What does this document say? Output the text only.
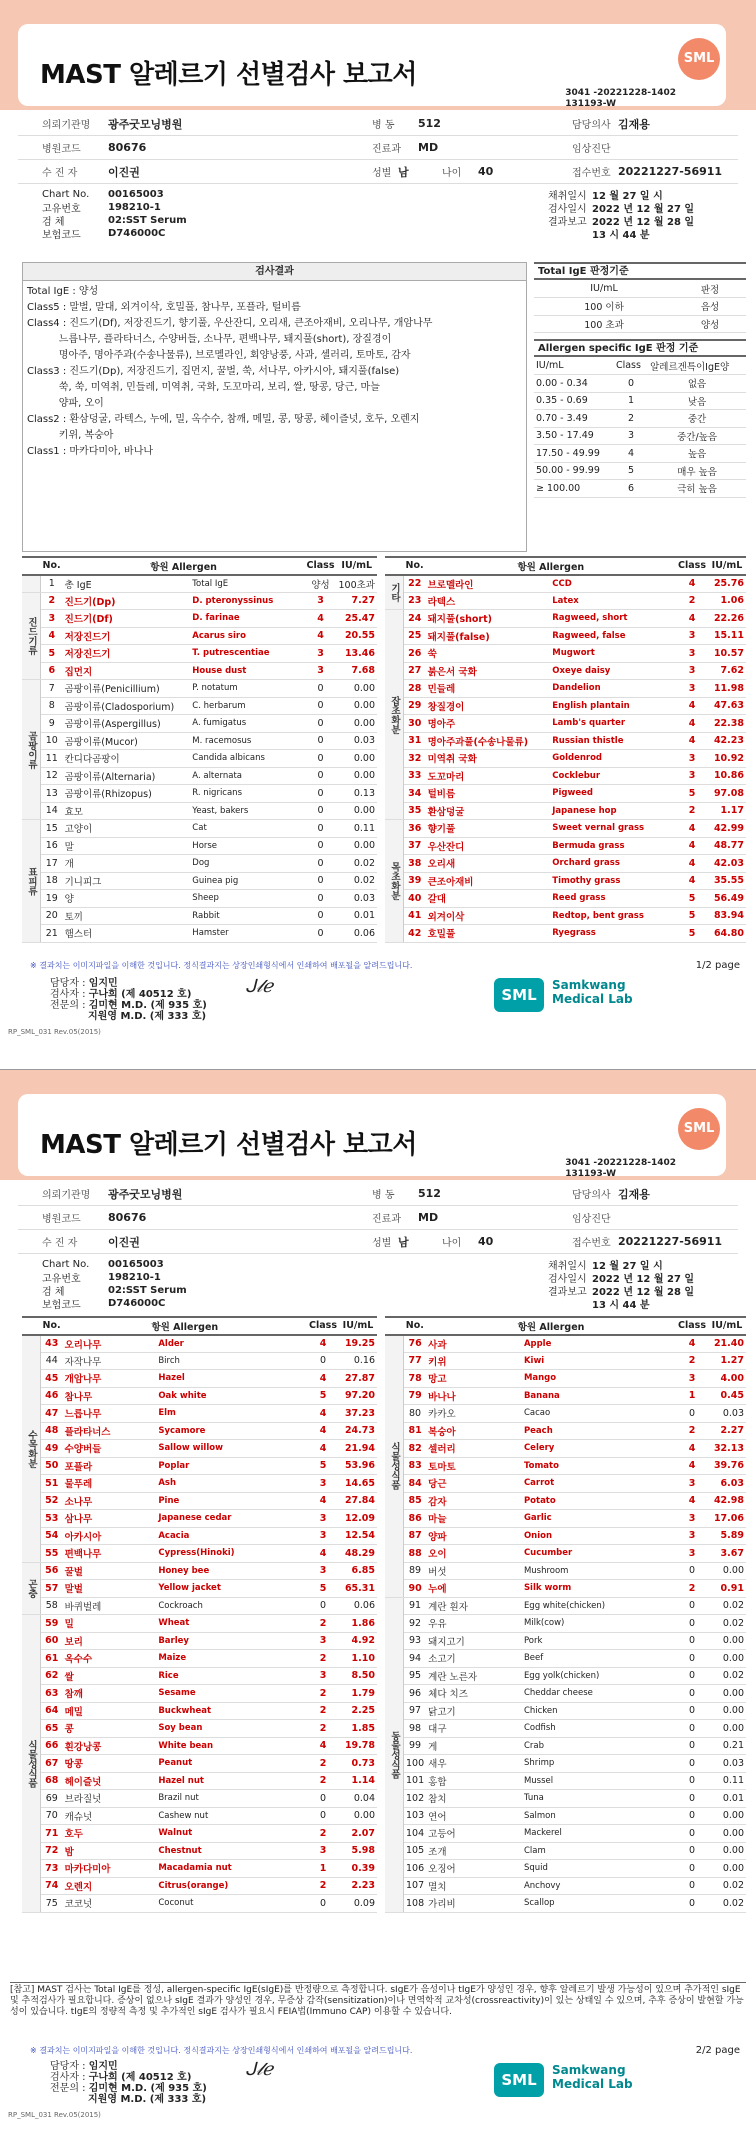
MAST 알레르기 선별검사 보고서
SML
3041 -20221228-1402
131193-W
의뢰기관명	광주굿모닝병원	병 동	512	담당의사 김재용
병원코드	80676	진료과	MD	임상진단
수 진 자	이진권	성별 남	나이	40	접수번호 20221227-56911
Chart No.	00165003	채취일시 12 월 27 일 시
고유번호	198210-1	검사일시 2022 년 12 월 27 일
검 체	02:SST Serum	결과보고 2022 년 12 월 28 일
보험코드	D746000C	13 시 44 분
검사결과
Total IgE : 양성
Class5 : 말벌, 말대, 외겨이삭, 호밀풀, 참나무, 포플라, 털비름
Class4 : 진드기(Df), 저장진드기, 향기풀, 우산잔디, 오리새, 큰조아재비, 오리나무, 개암나무
느릅나무, 플라타너스, 수양버들, 소나무, 편백나무, 돼지풀(short), 장질경이
명아주, 명아주과(수송나물류), 브로멜라인, 회양낭풍, 사과, 셀러리, 토마토, 감자
Class3 : 진드기(Dp), 저장진드기, 집먼지, 꿀벌, 쑥, 서나무, 아카시아, 돼지풀(false)
쑥, 쑥, 미역취, 민들레, 미역취, 국화, 도꼬마리, 보리, 쌀, 땅콩, 당근, 마늘
양파, 오이
Class2 : 환삼덩굴, 라텍스, 누에, 밀, 옥수수, 참깨, 메밀, 콩, 땅콩, 헤이즐넛, 호두, 오렌지
키위, 복숭아
Class1 : 마카다미아, 바나나
Total IgE 판정기준
IU/mL	판정
100 이하	음성
100 초과	양성
Allergen specific IgE 판정 기준
IU/mL	Class	알레르겐특이IgE양
0.00 - 0.34	0	없음
0.35 - 0.69	1	낮음
0.70 - 3.49	2	중간
3.50 - 17.49	3	중간/높음
17.50 - 49.99	4	높음
50.00 - 99.99	5	매우 높음
≥ 100.00	6	극히 높음
	No.	항원 Allergen		Class	IU/mL
	1	총 IgE	Total IgE	양성	100초과
진드기류	2	진드기(Dp)	D. pteronyssinus	3	7.27
	3	진드기(Df)	D. farinae	4	25.47
	4	저장진드기	Acarus siro	4	20.55
	5	저장진드기	T. putrescentiae	3	13.46
	6	집먼지	House dust	3	7.68
곰팡이류	7	곰팡이류(Penicillium)	P. notatum	0	0.00
	8	곰팡이류(Cladosporium)	C. herbarum	0	0.00
	9	곰팡이류(Aspergillus)	A. fumigatus	0	0.00
	10	곰팡이류(Mucor)	M. racemosus	0	0.03
	11	칸디다곰팡이	Candida albicans	0	0.00
	12	곰팡이류(Alternaria)	A. alternata	0	0.00
	13	곰팡이류(Rhizopus)	R. nigricans	0	0.13
	14	효모	Yeast, bakers	0	0.00
표피류	15	고양이	Cat	0	0.11
	16	말	Horse	0	0.00
	17	개	Dog	0	0.02
	18	기니피그	Guinea pig	0	0.02
	19	양	Sheep	0	0.03
	20	토끼	Rabbit	0	0.01
	21	햄스터	Hamster	0	0.06
	No.	항원 Allergen		Class	IU/mL
기타	22	브로멜라인	CCD	4	25.76
	23	라텍스	Latex	2	1.06
잡초화분	24	돼지풀(short)	Ragweed, short	4	22.26
	25	돼지풀(false)	Ragweed, false	3	15.11
	26	쑥	Mugwort	3	10.57
	27	붉은서 국화	Oxeye daisy	3	7.62
	28	민들레	Dandelion	3	11.98
	29	창질경이	English plantain	4	47.63
	30	명아주	Lamb's quarter	4	22.38
	31	명아주과풀(수송나물류)	Russian thistle	4	42.23
	32	미역취 국화	Goldenrod	3	10.92
	33	도꼬마리	Cocklebur	3	10.86
	34	털비름	Pigweed	5	97.08
	35	환삼덩굴	Japanese hop	2	1.17
목초화분	36	향기풀	Sweet vernal grass	4	42.99
	37	우산잔디	Bermuda grass	4	48.77
	38	오리새	Orchard grass	4	42.03
	39	큰조아재비	Timothy grass	4	35.55
	40	갈대	Reed grass	5	56.49
	41	외겨이삭	Redtop, bent grass	5	83.94
	42	호밀풀	Ryegrass	5	64.80
※ 결과치는 이미지파일을 이해한 것입니다. 정식결과지는 상장인쇄형식에서 인쇄하여 배포될을 알려드립니다.	1/2 page
담당자 : 임지민
검사자 : 구나희 (제 40512 호)
전문의 : 김미현 M.D. (제 935 호)
지원영 M.D. (제 333 호)
ᒍ𝓁ℯ	SML
Samkwang
Medical Lab
RP_SML_031 Rev.05(2015)
MAST 알레르기 선별검사 보고서
SML
3041 -20221228-1402
131193-W
의뢰기관명	광주굿모닝병원	병 동	512	담당의사 김재용
병원코드	80676	진료과	MD	임상진단
수 진 자	이진권	성별 남	나이	40	접수번호 20221227-56911
Chart No.	00165003	채취일시 12 월 27 일 시
고유번호	198210-1	검사일시 2022 년 12 월 27 일
검 체	02:SST Serum	결과보고 2022 년 12 월 28 일
보험코드	D746000C	13 시 44 분
	No.	항원 Allergen		Class	IU/mL
수목화분	43	오리나무	Alder	4	19.25
	44	자작나무	Birch	0	0.16
	45	개암나무	Hazel	4	27.87
	46	참나무	Oak white	5	97.20
	47	느릅나무	Elm	4	37.23
	48	플라타너스	Sycamore	4	24.73
	49	수양버들	Sallow willow	4	21.94
	50	포플라	Poplar	5	53.96
	51	물푸레	Ash	3	14.65
	52	소나무	Pine	4	27.84
	53	삼나무	Japanese cedar	3	12.09
	54	아카시아	Acacia	3	12.54
	55	편백나무	Cypress(Hinoki)	4	48.29
곤충	56	꿀벌	Honey bee	3	6.85
	57	말벌	Yellow jacket	5	65.31
	58	바퀴벌레	Cockroach	0	0.06
식물성식품	59	밀	Wheat	2	1.86
	60	보리	Barley	3	4.92
	61	옥수수	Maize	2	1.10
	62	쌀	Rice	3	8.50
	63	참깨	Sesame	2	1.79
	64	메밀	Buckwheat	2	2.25
	65	콩	Soy bean	2	1.85
	66	흰강낭콩	White bean	4	19.78
	67	땅콩	Peanut	2	0.73
	68	헤이즐넛	Hazel nut	2	1.14
	69	브라질넛	Brazil nut	0	0.04
	70	캐슈넛	Cashew nut	0	0.00
	71	호두	Walnut	2	2.07
	72	밤	Chestnut	3	5.98
	73	마카다미아	Macadamia nut	1	0.39
	74	오렌지	Citrus(orange)	2	2.23
	75	코코넛	Coconut	0	0.09
	No.	항원 Allergen		Class	IU/mL
식물성식품	76	사과	Apple	4	21.40
	77	키위	Kiwi	2	1.27
	78	망고	Mango	3	4.00
	79	바나나	Banana	1	0.45
	80	카카오	Cacao	0	0.03
	81	복숭아	Peach	2	2.27
	82	셀러리	Celery	4	32.13
	83	토마토	Tomato	4	39.76
	84	당근	Carrot	3	6.03
	85	감자	Potato	4	42.98
	86	마늘	Garlic	3	17.06
	87	양파	Onion	3	5.89
	88	오이	Cucumber	3	3.67
	89	버섯	Mushroom	0	0.00
	90	누에	Silk worm	2	0.91
동물성식품	91	계란 흰자	Egg white(chicken)	0	0.02
	92	우유	Milk(cow)	0	0.02
	93	돼지고기	Pork	0	0.00
	94	소고기	Beef	0	0.00
	95	계란 노른자	Egg yolk(chicken)	0	0.02
	96	체다 치즈	Cheddar cheese	0	0.00
	97	닭고기	Chicken	0	0.00
	98	대구	Codfish	0	0.00
	99	게	Crab	0	0.21
	100	새우	Shrimp	0	0.03
	101	홍합	Mussel	0	0.11
	102	참치	Tuna	0	0.01
	103	연어	Salmon	0	0.00
	104	고등어	Mackerel	0	0.00
	105	조개	Clam	0	0.00
	106	오징어	Squid	0	0.00
	107	멸치	Anchovy	0	0.02
	108	가리비	Scallop	0	0.02
[참고] MAST 검사는 Total IgE를 정성, allergen-specific IgE(sIgE)를 반정량으로 측정합니다. sIgE가 음성이나 tIgE가 양성인 경우, 향후 알레르기 발생 가능성이 있으며 추가적인 sIgE 및 추적검사가 필요합니다. 증상이 없으나 sIgE 결과가 양성인 경우, 무증상 감작(sensitization)이나 면역학적 교차성(crossreactivity)이 있는 상태일 수 있으며, 추후 증상이 발현할 가능성이 있습니다. tIgE의 정량적 측정 및 추가적인 sIgE 검사가 필요시 FEIA법(Immuno CAP) 이용할 수 있습니다.
※ 결과치는 이미지파일을 이해한 것입니다. 정식결과지는 상장인쇄형식에서 인쇄하여 배포될을 알려드립니다.	2/2 page
담당자 : 임지민
검사자 : 구나희 (제 40512 호)
전문의 : 김미현 M.D. (제 935 호)
지원영 M.D. (제 333 호)
ᒍ𝓁ℯ	SML
Samkwang
Medical Lab
RP_SML_031 Rev.05(2015)
